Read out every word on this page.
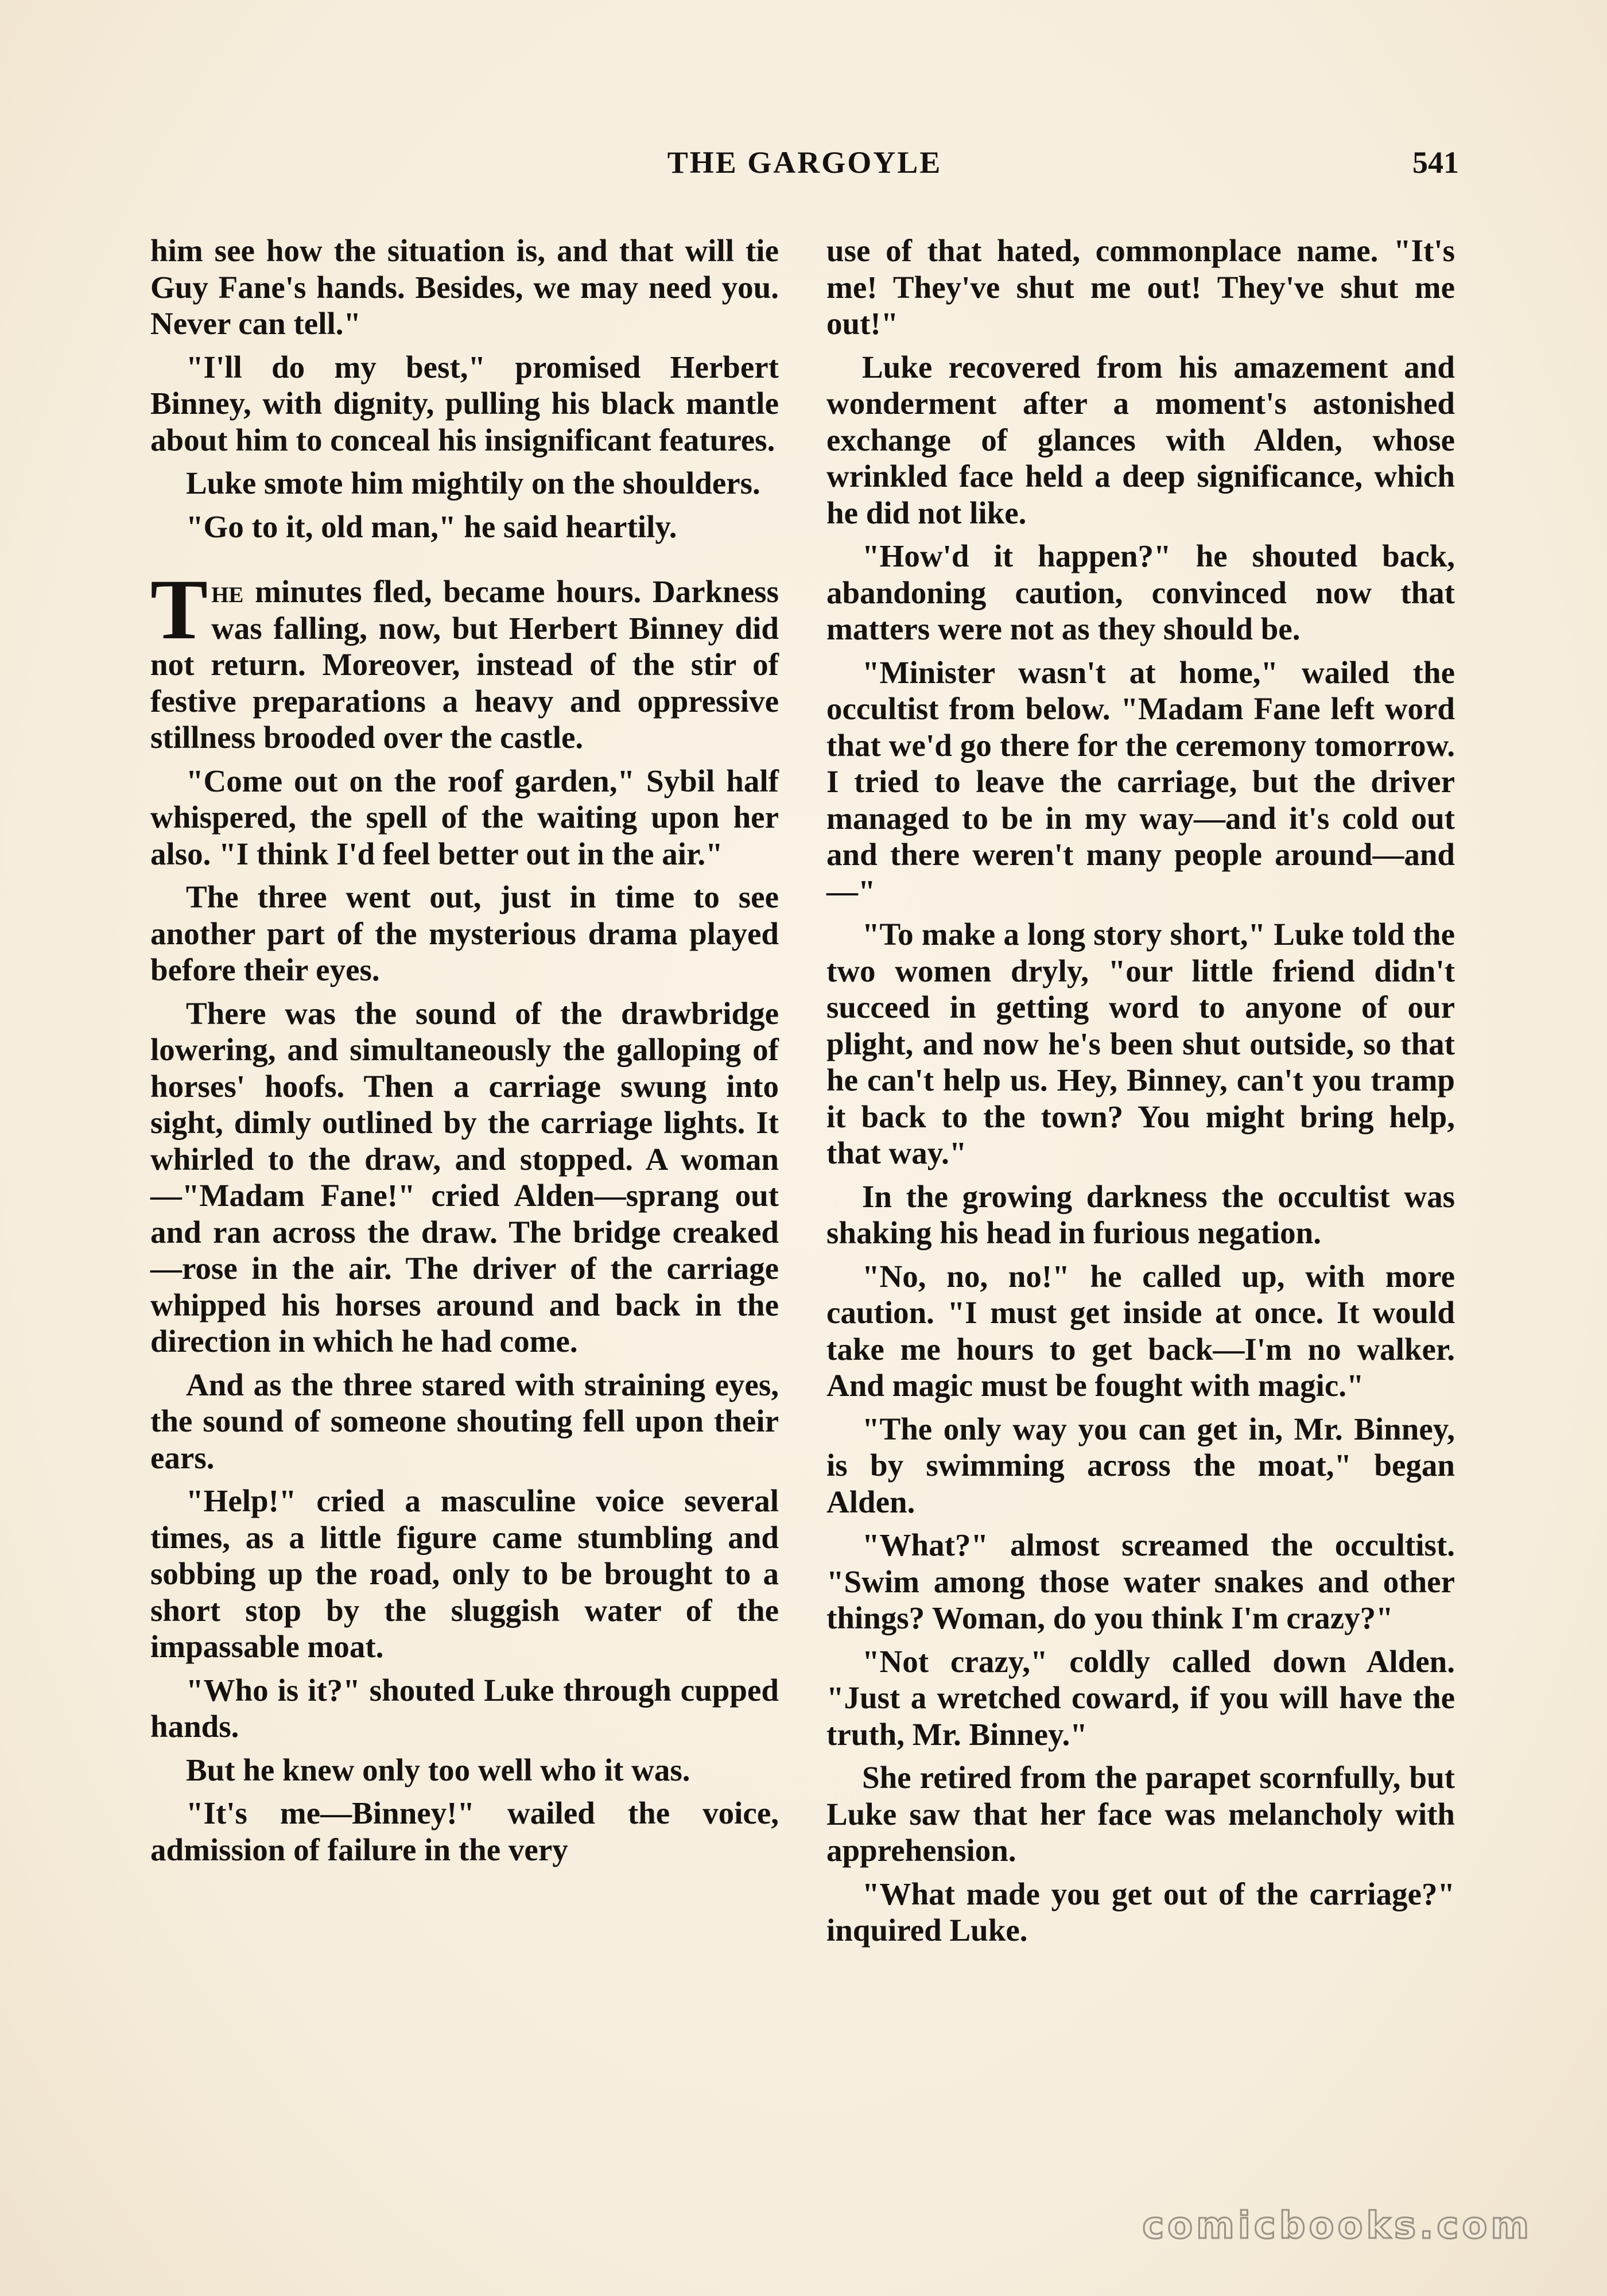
THE GARGOYLE	541

him see how the situation is, and that will tie Guy Fane's hands. Besides, we may need you. Never can tell."

"I'll do my best," promised Herbert Binney, with dignity, pulling his black mantle about him to conceal his insignificant features.

Luke smote him mightily on the shoulders.

"Go to it, old man," he said heartily.

The minutes fled, became hours. Darkness was falling, now, but Herbert Binney did not return. Moreover, instead of the stir of festive preparations a heavy and oppressive stillness brooded over the castle.

"Come out on the roof garden," Sybil half whispered, the spell of the waiting upon her also. "I think I'd feel better out in the air."

The three went out, just in time to see another part of the mysterious drama played before their eyes.

There was the sound of the drawbridge lowering, and simultaneously the galloping of horses' hoofs. Then a carriage swung into sight, dimly outlined by the carriage lights. It whirled to the draw, and stopped. A woman—"Madam Fane!" cried Alden—sprang out and ran across the draw. The bridge creaked—rose in the air. The driver of the carriage whipped his horses around and back in the direction in which he had come.

And as the three stared with straining eyes, the sound of someone shouting fell upon their ears.

"Help!" cried a masculine voice several times, as a little figure came stumbling and sobbing up the road, only to be brought to a short stop by the sluggish water of the impassable moat.

"Who is it?" shouted Luke through cupped hands.

But he knew only too well who it was.

"It's me—Binney!" wailed the voice, admission of failure in the very

use of that hated, commonplace name. "It's me! They've shut me out! They've shut me out!"

Luke recovered from his amazement and wonderment after a moment's astonished exchange of glances with Alden, whose wrinkled face held a deep significance, which he did not like.

"How'd it happen?" he shouted back, abandoning caution, convinced now that matters were not as they should be.

"Minister wasn't at home," wailed the occultist from below. "Madam Fane left word that we'd go there for the ceremony tomorrow. I tried to leave the carriage, but the driver managed to be in my way—and it's cold out and there weren't many people around—and—"

"To make a long story short," Luke told the two women dryly, "our little friend didn't succeed in getting word to anyone of our plight, and now he's been shut outside, so that he can't help us. Hey, Binney, can't you tramp it back to the town? You might bring help, that way."

In the growing darkness the occultist was shaking his head in furious negation.

"No, no, no!" he called up, with more caution. "I must get inside at once. It would take me hours to get back—I'm no walker. And magic must be fought with magic."

"The only way you can get in, Mr. Binney, is by swimming across the moat," began Alden.

"What?" almost screamed the occultist. "Swim among those water snakes and other things? Woman, do you think I'm crazy?"

"Not crazy," coldly called down Alden. "Just a wretched coward, if you will have the truth, Mr. Binney."

She retired from the parapet scornfully, but Luke saw that her face was melancholy with apprehension.

"What made you get out of the carriage?" inquired Luke.

comicbooks.com
